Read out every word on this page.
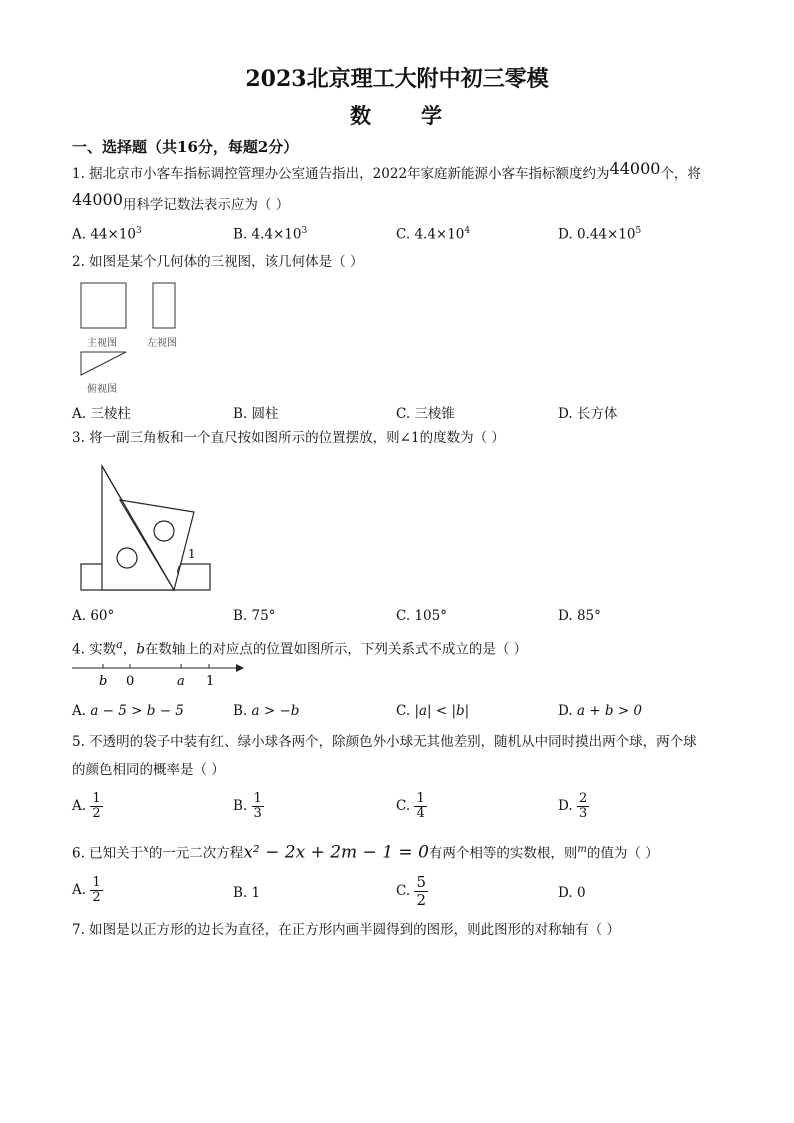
2023北京理工大附中初三零模
数 学
一、选择题（共16分，每题2分）
1. 据北京市小客车指标调控管理办公室通告指出，2022年家庭新能源小客车指标额度约为44000个，将
44000用科学记数法表示应为（ ）
A. $44\times 10^3$	B. $4.4\times 10^3$	C. $4.4\times 10^4$	D. $0.44\times 10^5$
2. 如图是某个几何体的三视图，该几何体是（ ）
主视图	左视图
俯视图
A. 三棱柱	B. 圆柱	C. 三棱锥	D. 长方体
3. 将一副三角板和一个直尺按如图所示的位置摆放，则∠1的度数为（ ）
1
A. 60°	B. 75°	C. 105°	D. 85°
4. 实数$^a$，b在数轴上的对应点的位置如图所示，下列关系式不成立的是（ ）
b 0	a 1
A. a − 5 > b − 5	B. a > −b	C. |a| < |b|	D. a + b > 0
5. 不透明的袋子中装有红、绿小球各两个，除颜色外小球无其他差别，随机从中同时摸出两个球，两个球
的颜色相同的概率是（ ）
A. $\frac{1}{2}$	B. $\frac{1}{3}$	C. $\frac{1}{4}$	D. $\frac{2}{3}$
6. 已知关于$^x$的一元二次方程x² − 2x + 2m − 1 = 0有两个相等的实数根，则$^m$的值为（ ）
A. $\frac{1}{2}$	B. 1	C. $\frac{5}{2}$	D. 0
7. 如图是以正方形的边长为直径，在正方形内画半圆得到的图形，则此图形的对称轴有（ ）
